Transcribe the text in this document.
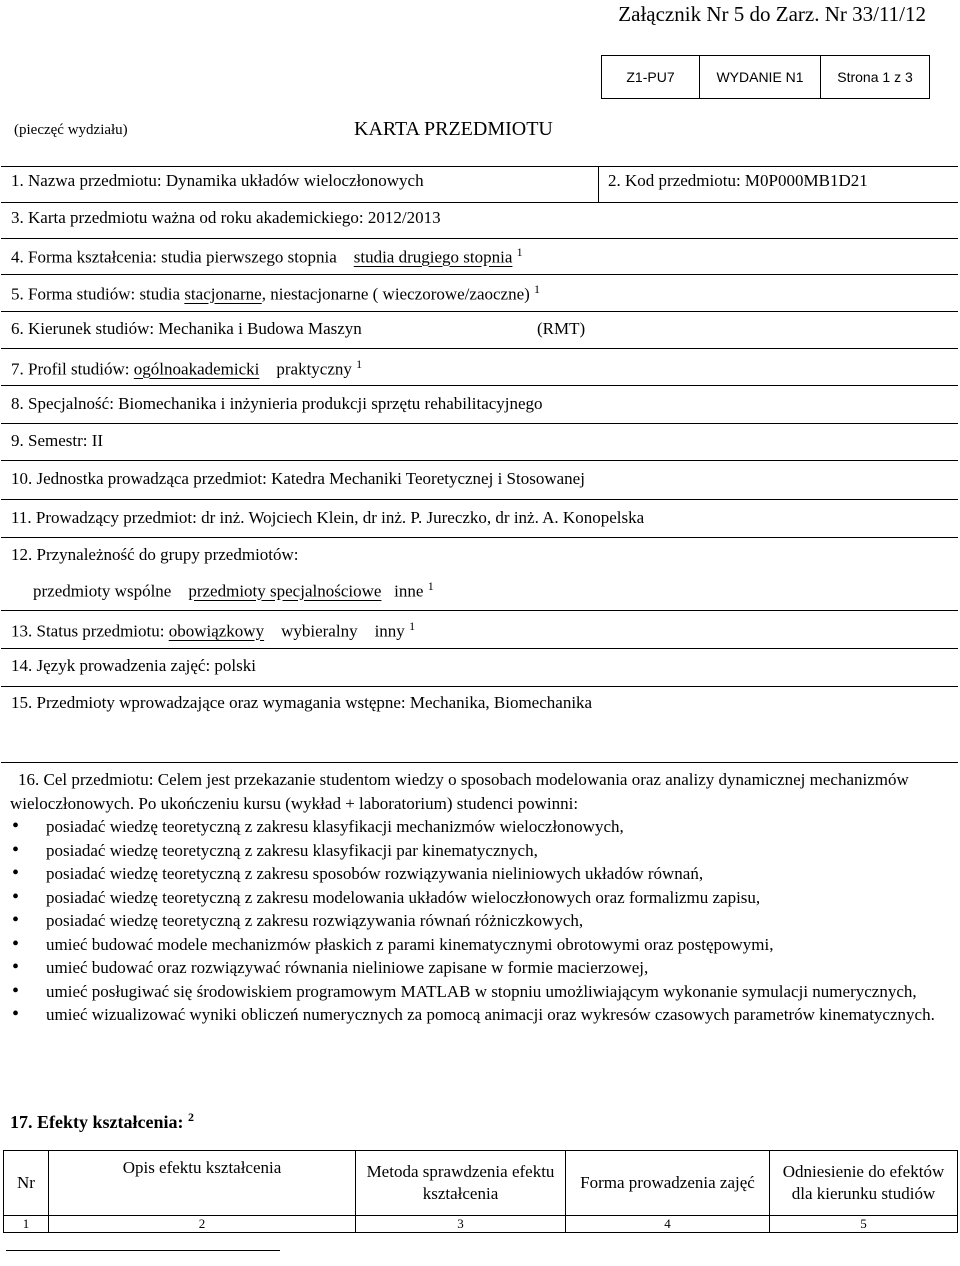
Załącznik Nr 5 do Zarz. Nr 33/11/12
Z1-PU7	WYDANIE N1	Strona 1 z 3
(pieczęć wydziału)	KARTA PRZEDMIOTU
1. Nazwa przedmiotu: Dynamika układów wieloczłonowych	2. Kod przedmiotu: M0P000MB1D21
3. Karta przedmiotu ważna od roku akademickiego: 2012/2013
4. Forma kształcenia: studia pierwszego stopnia studia drugiego stopnia $^1$
5. Forma studiów: studia stacjonarne, niestacjonarne ( wieczorowe/zaoczne) $^1$
6. Kierunek studiów: Mechanika i Budowa Maszyn	(RMT)
7. Profil studiów: ogólnoakademicki praktyczny $^1$
8. Specjalność: Biomechanika i inżynieria produkcji sprzętu rehabilitacyjnego
9. Semestr: II
10. Jednostka prowadząca przedmiot: Katedra Mechaniki Teoretycznej i Stosowanej
11. Prowadzący przedmiot: dr inż. Wojciech Klein, dr inż. P. Jureczko, dr inż. A. Konopelska
12. Przynależność do grupy przedmiotów:
przedmioty wspólne przedmioty specjalnościowe inne $^1$
13. Status przedmiotu: obowiązkowy wybieralny inny $^1$
14. Język prowadzenia zajęć: polski
15. Przedmioty wprowadzające oraz wymagania wstępne: Mechanika, Biomechanika

16. Cel przedmiotu: Celem jest przekazanie studentom wiedzy o sposobach modelowania oraz analizy dynamicznej mechanizmów wieloczłonowych. Po ukończeniu kursu (wykład + laboratorium) studenci powinni:

• posiadać wiedzę teoretyczną z zakresu klasyfikacji mechanizmów wieloczłonowych,
• posiadać wiedzę teoretyczną z zakresu klasyfikacji par kinematycznych,
• posiadać wiedzę teoretyczną z zakresu sposobów rozwiązywania nieliniowych układów równań,
• posiadać wiedzę teoretyczną z zakresu modelowania układów wieloczłonowych oraz formalizmu zapisu,
• posiadać wiedzę teoretyczną z zakresu rozwiązywania równań różniczkowych,
• umieć budować modele mechanizmów płaskich z parami kinematycznymi obrotowymi oraz postępowymi,
• umieć budować oraz rozwiązywać równania nieliniowe zapisane w formie macierzowej,
• umieć posługiwać się środowiskiem programowym MATLAB w stopniu umożliwiającym wykonanie symulacji numerycznych,
• umieć wizualizować wyniki obliczeń numerycznych za pomocą animacji oraz wykresów czasowych parametrów kinematycznych.
17. Efekty kształcenia: $^2$
Nr	Opis efektu kształcenia	Metoda sprawdzenia efektu kształcenia	Forma prowadzenia zajęć	Odniesienie do efektów dla kierunku studiów
1	2	3	4	5
